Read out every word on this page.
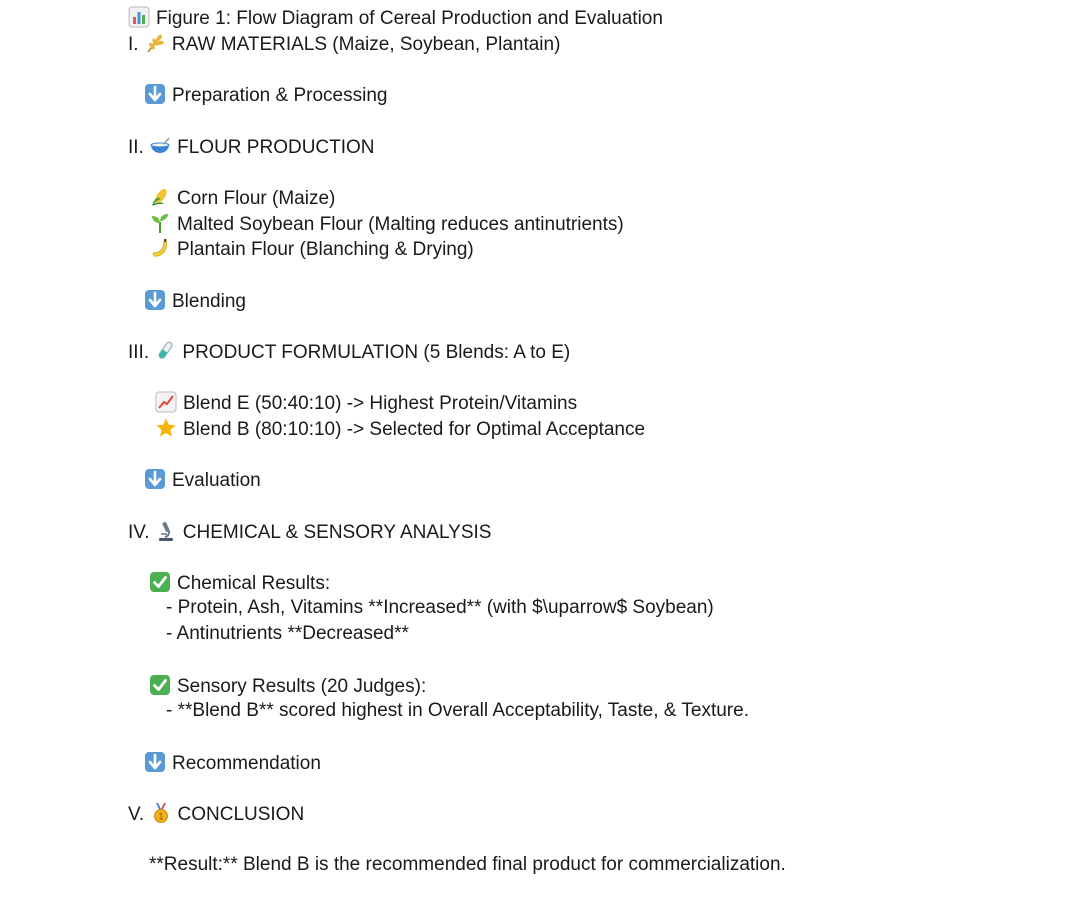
Figure 1: Flow Diagram of Cereal Production and Evaluation
I. RAW MATERIALS (Maize, Soybean, Plantain)
Preparation & Processing
II. FLOUR PRODUCTION
Corn Flour (Maize)
Malted Soybean Flour (Malting reduces antinutrients)
Plantain Flour (Blanching & Drying)
Blending
III. PRODUCT FORMULATION (5 Blends: A to E)
Blend E (50:40:10) -> Highest Protein/Vitamins
Blend B (80:10:10) -> Selected for Optimal Acceptance
Evaluation
IV. CHEMICAL & SENSORY ANALYSIS
Chemical Results:
- Protein, Ash, Vitamins **Increased** (with $\uparrow$ Soybean)
- Antinutrients **Decreased**
Sensory Results (20 Judges):
- **Blend B** scored highest in Overall Acceptability, Taste, & Texture.
Recommendation
V. 1 CONCLUSION
**Result:** Blend B is the recommended final product for commercialization.
